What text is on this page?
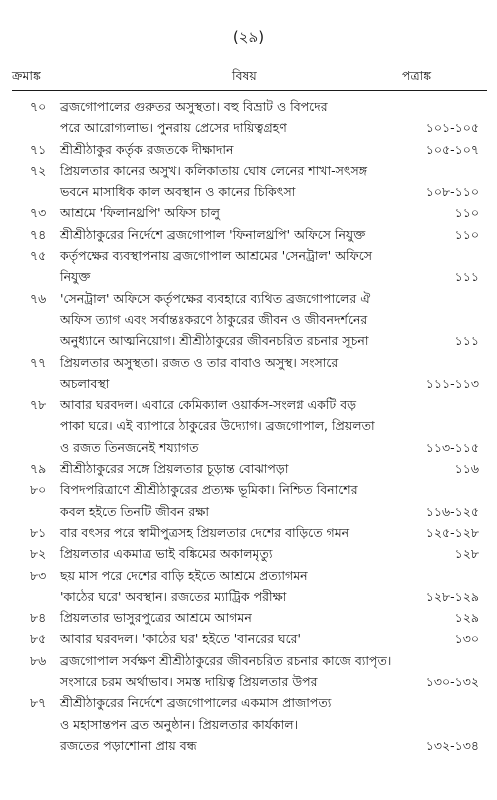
(২৯)
ক্রমাঙ্ক	বিষয়	পত্রাঙ্ক
৭০ ব্রজগোপালের গুরুতর অসুস্থতা। বহু বিভ্রাট ও বিপদের
পরে আরোগ্যলাভ। পুনরায় প্রেসের দায়িত্বগ্রহণ	১০১-১০৫
৭১ শ্রীশ্রীঠাকুর কর্তৃক রজতকে দীক্ষাদান	১০৫-১০৭
৭২ প্রিয়লতার কানের অসুখ। কলিকাতায় ঘোষ লেনের শাখা-সৎসঙ্গ
ভবনে মাসাধিক কাল অবস্থান ও কানের চিকিৎসা	১০৮-১১০
৭৩ আশ্রমে 'ফিলানথ্রপি' অফিস চালু	১১০
৭৪ শ্রীশ্রীঠাকুরের নির্দেশে ব্রজগোপাল 'ফিনালথ্রপি' অফিসে নিযুক্ত	১১০
৭৫ কর্তৃপক্ষের ব্যবস্থাপনায় ব্রজগোপাল আশ্রমের 'সেনট্রাল' অফিসে
নিযুক্ত	১১১
৭৬ 'সেনট্রাল' অফিসে কর্তৃপক্ষের ব্যবহারে ব্যথিত ব্রজগোপালের ঐ
অফিস ত্যাগ এবং সর্বান্তঃকরণে ঠাকুরের জীবন ও জীবনদর্শনের
অনুধ্যানে আত্মনিয়োগ। শ্রীশ্রীঠাকুরের জীবনচরিত রচনার সূচনা	১১১
৭৭ প্রিয়লতার অসুস্থতা। রজত ও তার বাবাও অসুস্থ। সংসারে
অচলাবস্থা	১১১-১১৩
৭৮ আবার ঘরবদল। এবারে কেমিক্যাল ওয়ার্কস-সংলগ্ন একটি বড়
পাকা ঘরে। এই ব্যাপারে ঠাকুরের উদ্যোগ। ব্রজগোপাল, প্রিয়লতা
ও রজত তিনজনেই শয্যাগত	১১৩-১১৫
৭৯ শ্রীশ্রীঠাকুরের সঙ্গে প্রিয়লতার চূড়ান্ত বোঝাপড়া	১১৬
৮০ বিপদপরিত্রাণে শ্রীশ্রীঠাকুরের প্রত্যক্ষ ভূমিকা। নিশ্চিত বিনাশের
কবল হইতে তিনটি জীবন রক্ষা	১১৬-১২৫
৮১ বার বৎসর পরে স্বামীপুত্রসহ প্রিয়লতার দেশের বাড়িতে গমন	১২৫-১২৮
৮২ প্রিয়লতার একমাত্র ভাই বঙ্কিমের অকালমৃত্যু	১২৮
৮৩ ছয় মাস পরে দেশের বাড়ি হইতে আশ্রমে প্রত্যাগমন
'কাঠের ঘরে' অবস্থান। রজতের ম্যাট্রিক পরীক্ষা	১২৮-১২৯
৮৪ প্রিয়লতার ভাসুরপুত্রের আশ্রমে আগমন	১২৯
৮৫ আবার ঘরবদল। 'কাঠের ঘর' হইতে 'বানরের ঘরে'	১৩০
৮৬ ব্রজগোপাল সর্বক্ষণ শ্রীশ্রীঠাকুরের জীবনচরিত রচনার কাজে ব্যাপৃত।
সংসারে চরম অর্থাভাব। সমস্ত দায়িত্ব প্রিয়লতার উপর	১৩০-১৩২
৮৭ শ্রীশ্রীঠাকুরের নির্দেশে ব্রজগোপালের একমাস প্রাজাপত্য
ও মহাসান্তপন ব্রত অনুষ্ঠান। প্রিয়লতার কার্যকাল।
রজতের পড়াশোনা প্রায় বন্ধ	১৩২-১৩৪
